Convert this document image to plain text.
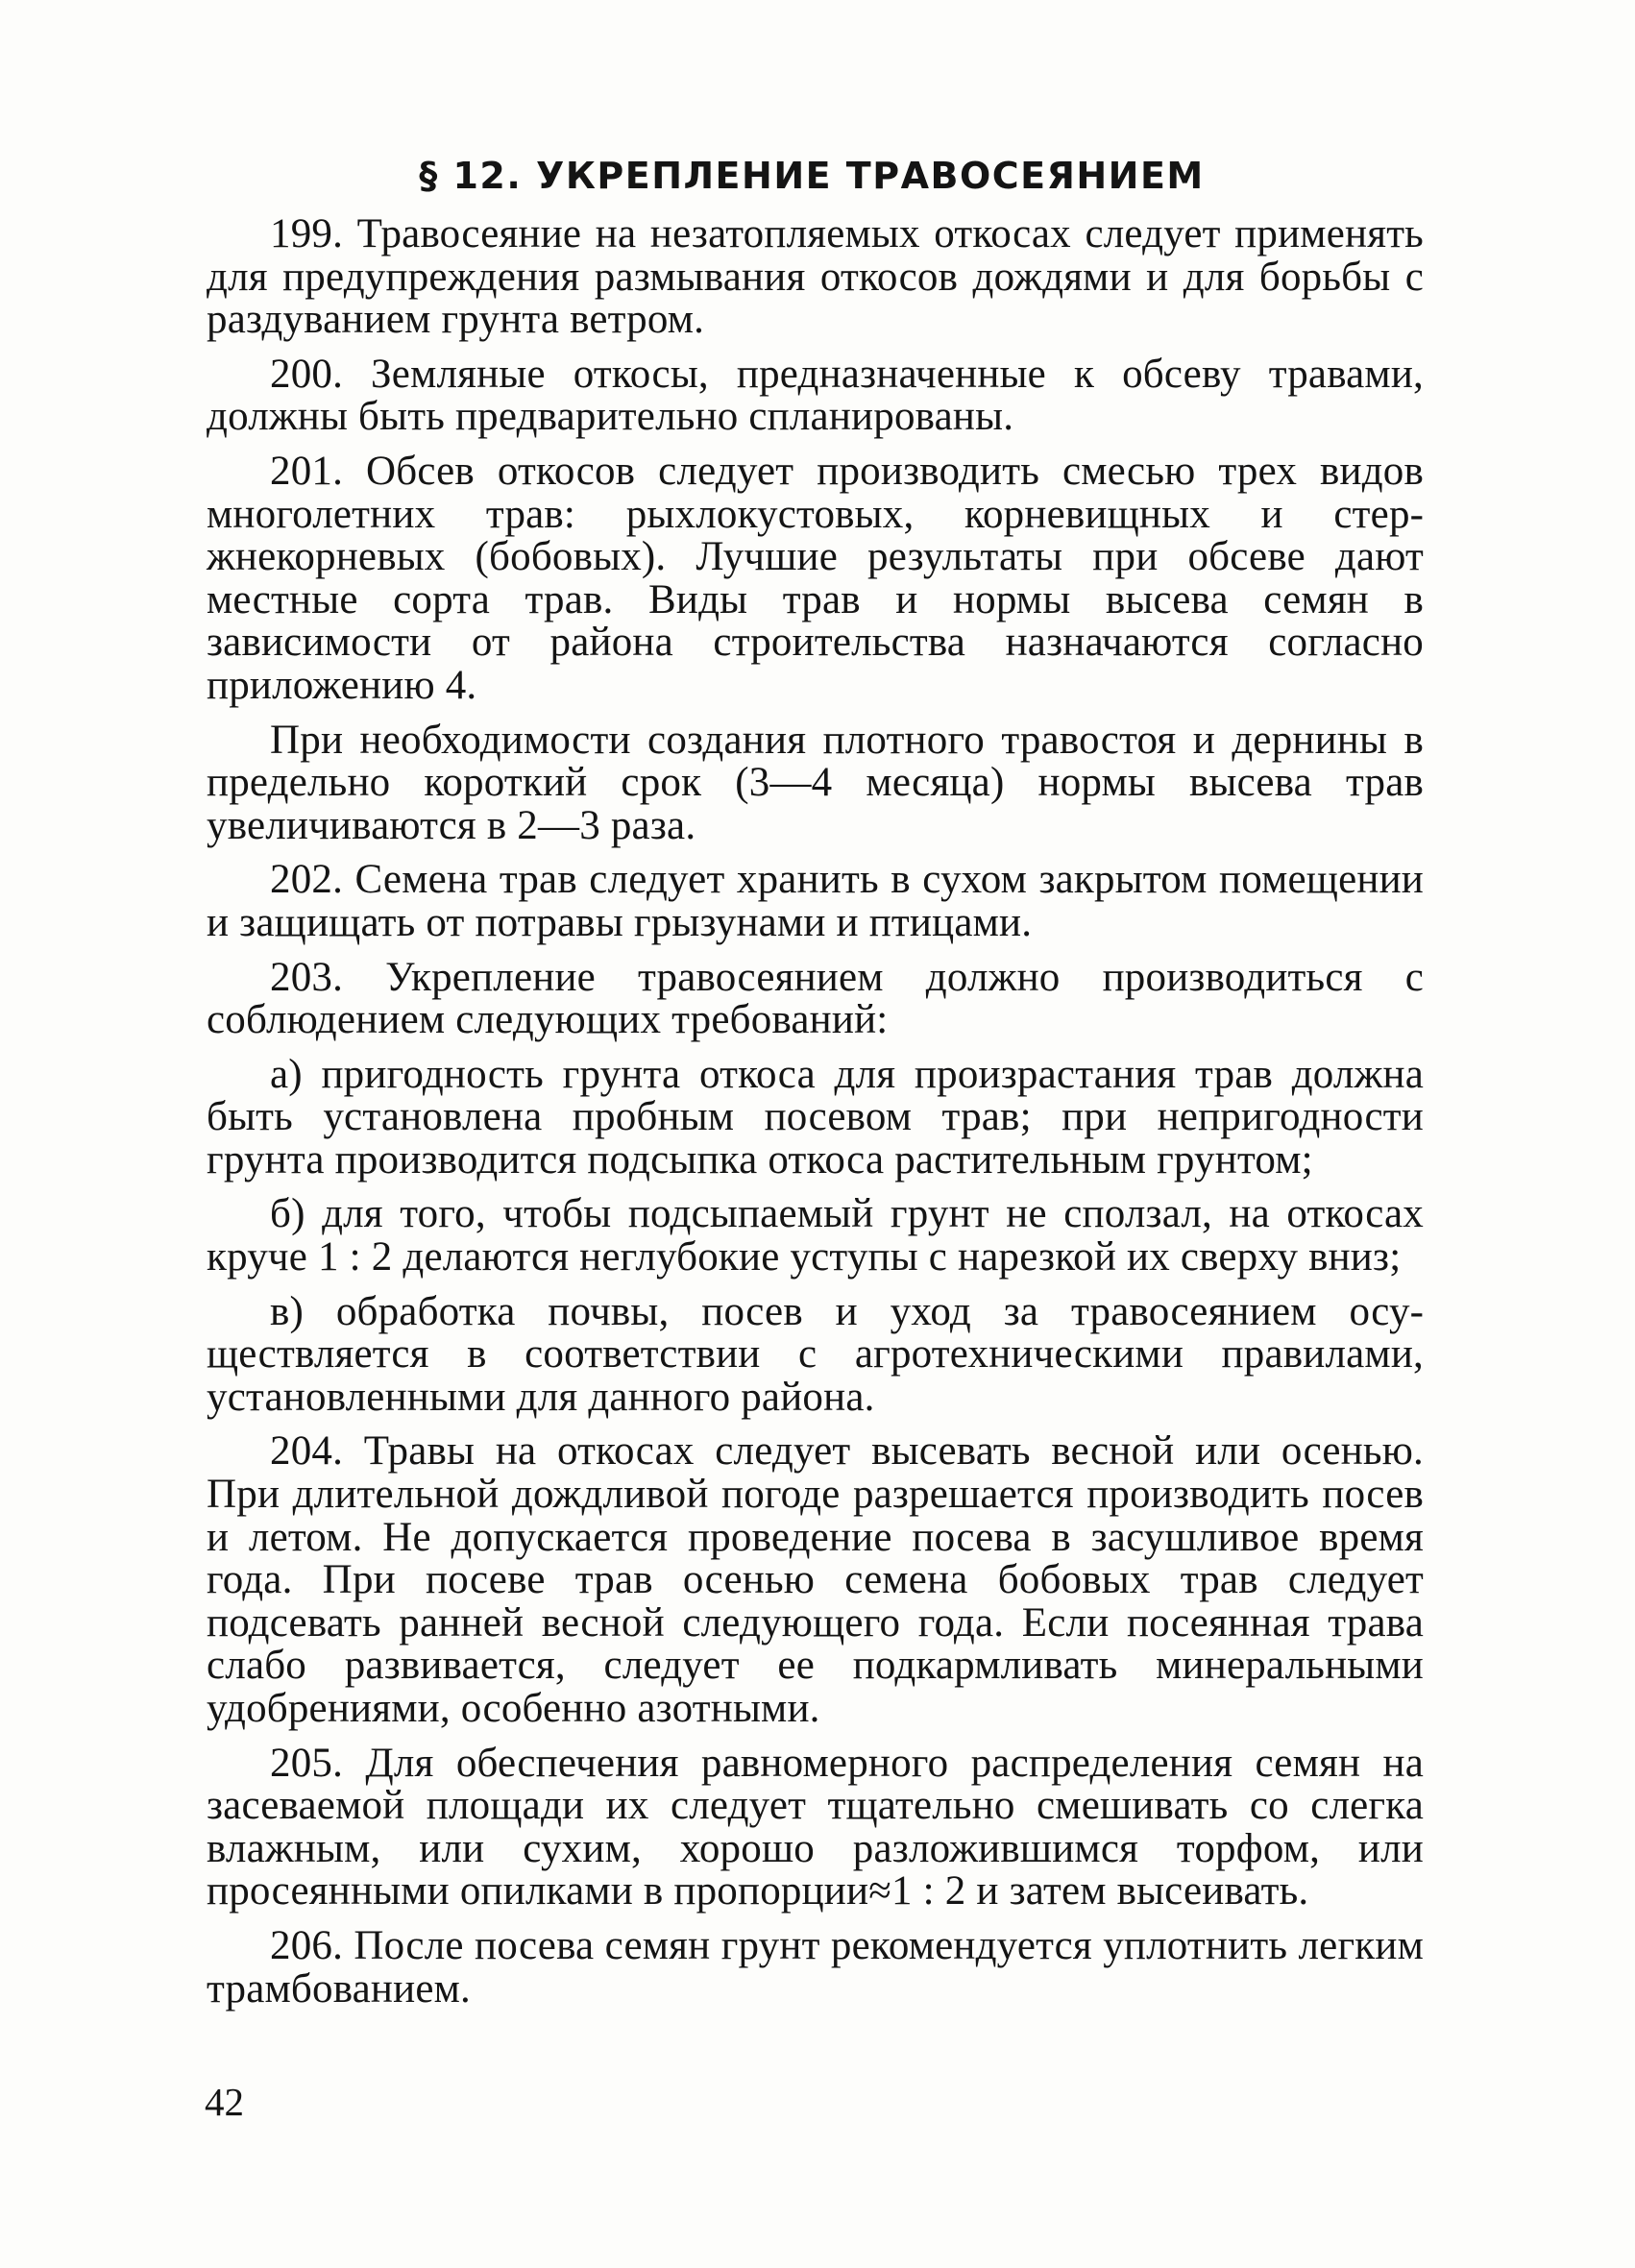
§ 12. УКРЕПЛЕНИЕ ТРАВОСЕЯНИЕМ

199. Травосеяние на незатопляемых откосах следует применять для предупреждения размывания откосов дождями и для борьбы с раздуванием грунта ветром.

200. Земляные откосы, предназначенные к обсеву травами, должны быть предварительно спланированы.

201. Обсев откосов следует производить смесью трех видов многолетних трав: рыхлокустовых, корневищных и стержнекорневых (бобовых). Лучшие результаты при обсеве дают местные сорта трав. Виды трав и нормы высева семян в зависимости от района строительства назначаются согласно приложению 4.

При необходимости создания плотного травостоя и дернины в предельно короткий срок (3—4 месяца) нормы высева трав увеличиваются в 2—3 раза.

202. Семена трав следует хранить в сухом закрытом помещении и защищать от потравы грызунами и птицами.

203. Укрепление травосеянием должно производиться с соблюдением следующих требований:

а) пригодность грунта откоса для произрастания трав должна быть установлена пробным посевом трав; при непригодности грунта производится подсыпка откоса растительным грунтом;

б) для того, чтобы подсыпаемый грунт не сползал, на откосах круче 1 : 2 делаются неглубокие уступы с нарезкой их сверху вниз;

в) обработка почвы, посев и уход за травосеянием осуществляется в соответствии с агротехническими правилами, установленными для данного района.

204. Травы на откосах следует высевать весной или осенью. При длительной дождливой погоде разрешается производить посев и летом. Не допускается проведение посева в засушливое время года. При посеве трав осенью семена бобовых трав следует подсевать ранней весной следующего года. Если посеянная трава слабо развивается, следует ее подкармливать минеральными удобрениями, особенно азотными.

205. Для обеспечения равномерного распределения семян на засеваемой площади их следует тщательно смешивать со слегка влажным, или сухим, хорошо разложившимся торфом, или просеянными опилками в пропорции≈1 : 2 и затем высеивать.

206. После посева семян грунт рекомендуется уплотнить легким трамбованием.

42
